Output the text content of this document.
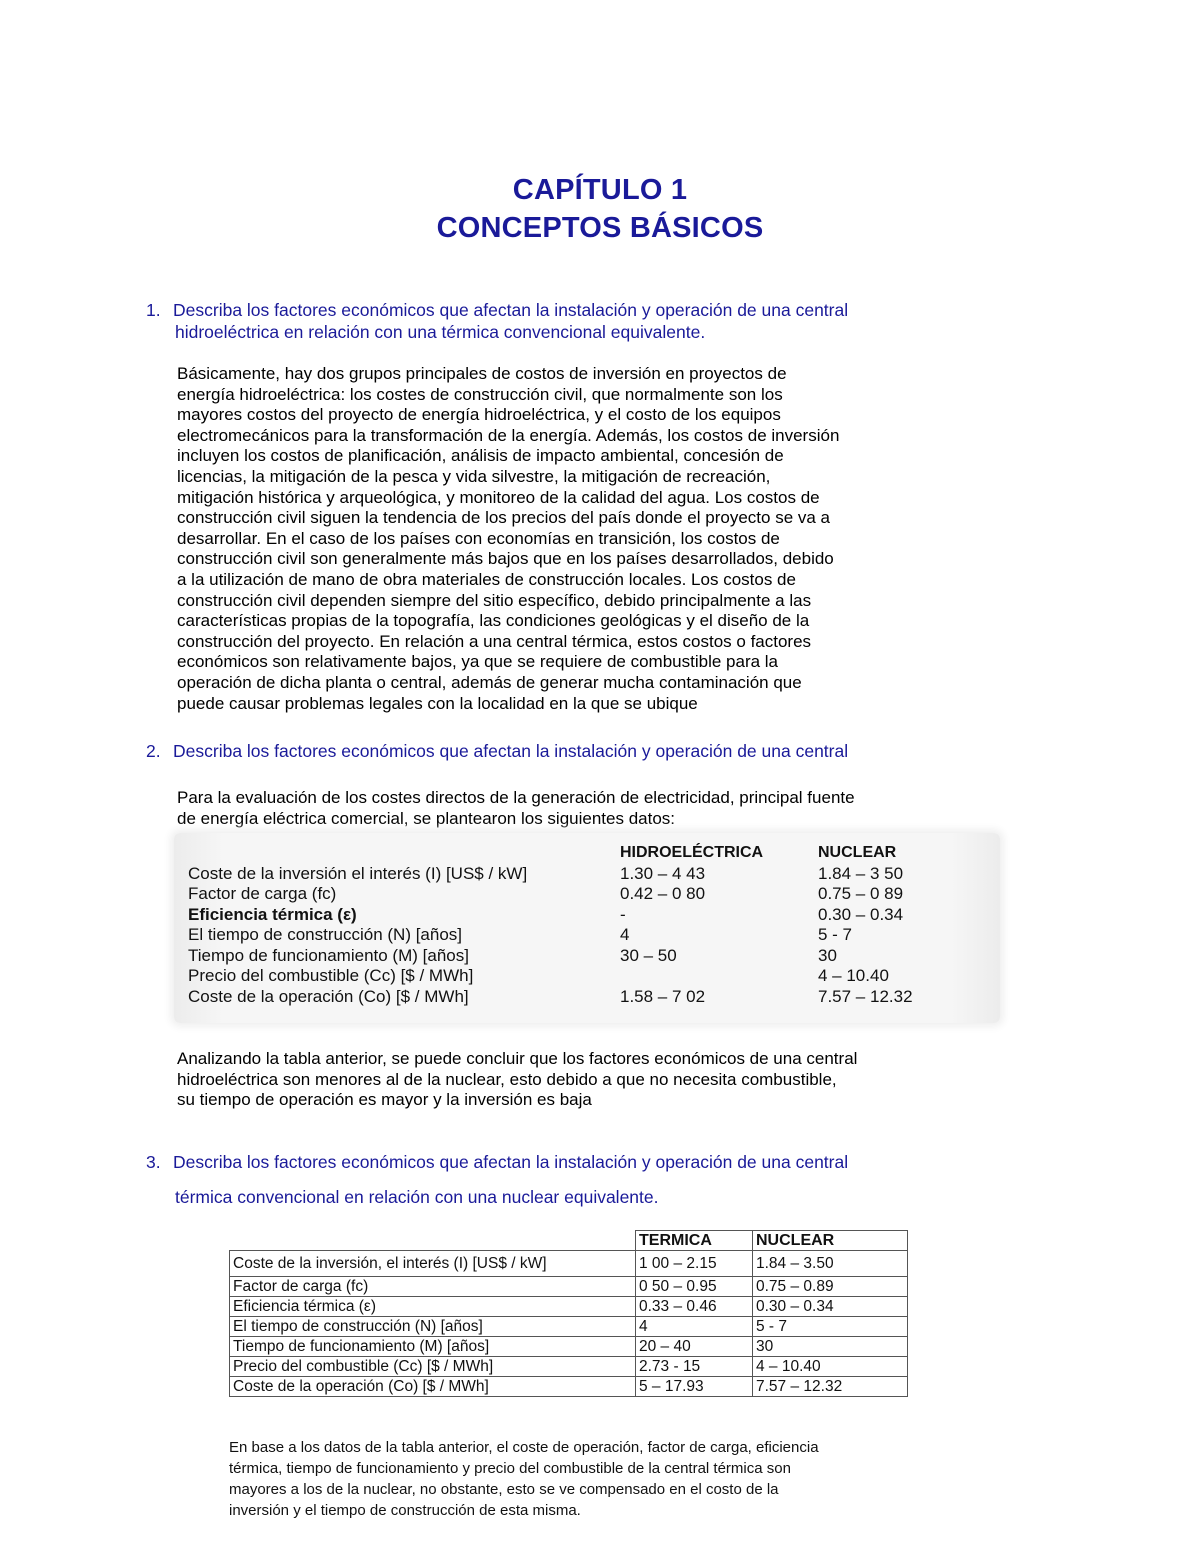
CAPÍTULO 1
CONCEPTOS BÁSICOS
1. Describa los factores económicos que afectan la instalación y operación de una central
hidroeléctrica en relación con una térmica convencional equivalente.
Básicamente, hay dos grupos principales de costos de inversión en proyectos de
energía hidroeléctrica: los costes de construcción civil, que normalmente son los
mayores costos del proyecto de energía hidroeléctrica, y el costo de los equipos
electromecánicos para la transformación de la energía. Además, los costos de inversión
incluyen los costos de planificación, análisis de impacto ambiental, concesión de
licencias, la mitigación de la pesca y vida silvestre, la mitigación de recreación,
mitigación histórica y arqueológica, y monitoreo de la calidad del agua. Los costos de
construcción civil siguen la tendencia de los precios del país donde el proyecto se va a
desarrollar. En el caso de los países con economías en transición, los costos de
construcción civil son generalmente más bajos que en los países desarrollados, debido
a la utilización de mano de obra materiales de construcción locales. Los costos de
construcción civil dependen siempre del sitio específico, debido principalmente a las
características propias de la topografía, las condiciones geológicas y el diseño de la
construcción del proyecto. En relación a una central térmica, estos costos o factores
económicos son relativamente bajos, ya que se requiere de combustible para la
operación de dicha planta o central, además de generar mucha contaminación que
puede causar problemas legales con la localidad en la que se ubique
2. Describa los factores económicos que afectan la instalación y operación de una central
Para la evaluación de los costes directos de la generación de electricidad, principal fuente
de energía eléctrica comercial, se plantearon los siguientes datos:
	HIDROELÉCTRICA	NUCLEAR
Coste de la inversión el interés (I) [US$ / kW]	1.30 – 4 43	1.84 – 3 50
Factor de carga (fc)	0.42 – 0 80	0.75 – 0 89
Eficiencia térmica (ε)	-	0.30 – 0.34
El tiempo de construcción (N) [años]	4	5 - 7
Tiempo de funcionamiento (M) [años]	30 – 50	30
Precio del combustible (Cc) [$ / MWh]		4 – 10.40
Coste de la operación (Co) [$ / MWh]	1.58 – 7 02	7.57 – 12.32
Analizando la tabla anterior, se puede concluir que los factores económicos de una central
hidroeléctrica son menores al de la nuclear, esto debido a que no necesita combustible,
su tiempo de operación es mayor y la inversión es baja
3. Describa los factores económicos que afectan la instalación y operación de una central
térmica convencional en relación con una nuclear equivalente.
	TERMICA	NUCLEAR
Coste de la inversión, el interés (I) [US$ / kW]	1 00 – 2.15	1.84 – 3.50
Factor de carga (fc)	0 50 – 0.95	0.75 – 0.89
Eficiencia térmica (ε)	0.33 – 0.46	0.30 – 0.34
El tiempo de construcción (N) [años]	4	5 - 7
Tiempo de funcionamiento (M) [años]	20 – 40	30
Precio del combustible (Cc) [$ / MWh]	2.73 - 15	4 – 10.40
Coste de la operación (Co) [$ / MWh]	5 – 17.93	7.57 – 12.32
En base a los datos de la tabla anterior, el coste de operación, factor de carga, eficiencia
térmica, tiempo de funcionamiento y precio del combustible de la central térmica son
mayores a los de la nuclear, no obstante, esto se ve compensado en el costo de la
inversión y el tiempo de construcción de esta misma.
